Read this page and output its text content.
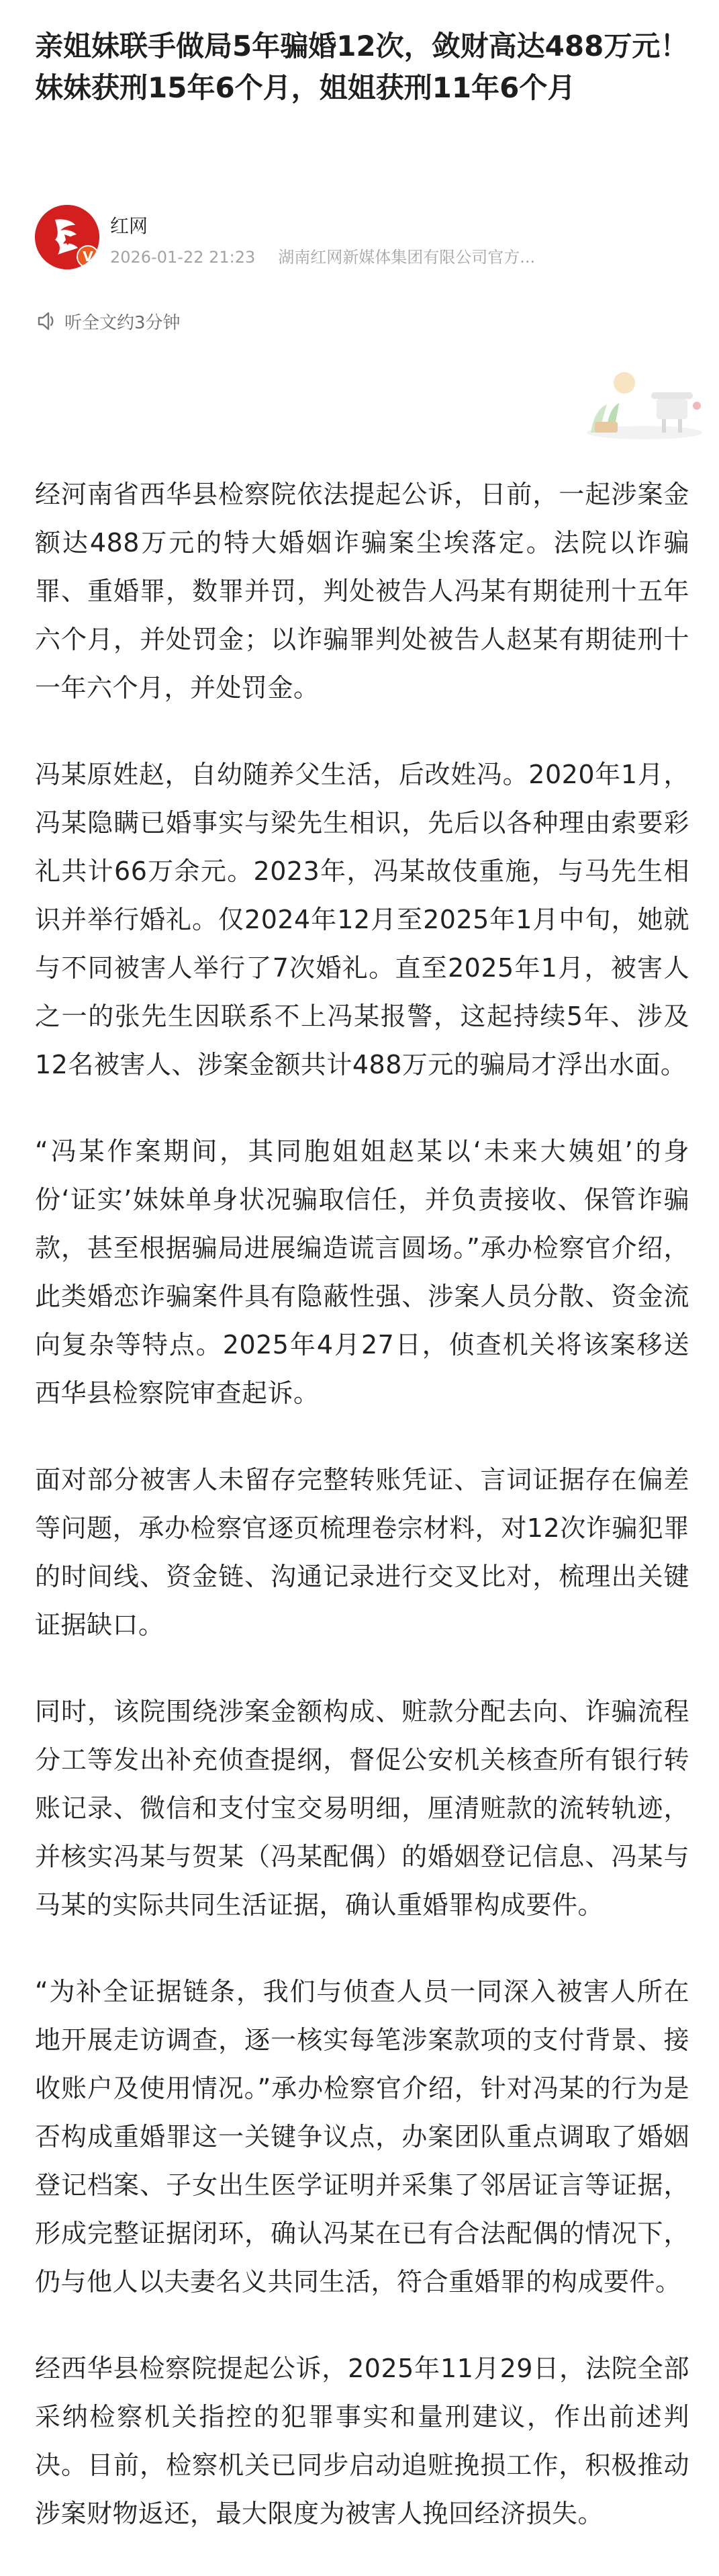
亲姐妹联手做局5年骗婚12次，敛财高达488万元！妹妹获刑15年6个月，姐姐获刑11年6个月
V
红网
2026-01-22 21:23 湖南红网新媒体集团有限公司官方...
听全文约3分钟

经河南省西华县检察院依法提起公诉，日前，一起涉案金额达488万元的特大婚姻诈骗案尘埃落定。法院以诈骗罪、重婚罪，数罪并罚，判处被告人冯某有期徒刑十五年六个月，并处罚金；以诈骗罪判处被告人赵某有期徒刑十一年六个月，并处罚金。

冯某原姓赵，自幼随养父生活，后改姓冯。2020年1月，冯某隐瞒已婚事实与梁先生相识，先后以各种理由索要彩礼共计66万余元。2023年，冯某故伎重施，与马先生相识并举行婚礼。仅2024年12月至2025年1月中旬，她就与不同被害人举行了7次婚礼。直至2025年1月，被害人之一的张先生因联系不上冯某报警，这起持续5年、涉及12名被害人、涉案金额共计488万元的骗局才浮出水面。

“冯某作案期间，其同胞姐姐赵某以‘未来大姨姐’的身份‘证实’妹妹单身状况骗取信任，并负责接收、保管诈骗款，甚至根据骗局进展编造谎言圆场。”承办检察官介绍，此类婚恋诈骗案件具有隐蔽性强、涉案人员分散、资金流向复杂等特点。2025年4月27日，侦查机关将该案移送西华县检察院审查起诉。

面对部分被害人未留存完整转账凭证、言词证据存在偏差等问题，承办检察官逐页梳理卷宗材料，对12次诈骗犯罪的时间线、资金链、沟通记录进行交叉比对，梳理出关键证据缺口。

同时，该院围绕涉案金额构成、赃款分配去向、诈骗流程分工等发出补充侦查提纲，督促公安机关核查所有银行转账记录、微信和支付宝交易明细，厘清赃款的流转轨迹，并核实冯某与贺某（冯某配偶）的婚姻登记信息、冯某与马某的实际共同生活证据，确认重婚罪构成要件。

“为补全证据链条，我们与侦查人员一同深入被害人所在地开展走访调查，逐一核实每笔涉案款项的支付背景、接收账户及使用情况。”承办检察官介绍，针对冯某的行为是否构成重婚罪这一关键争议点，办案团队重点调取了婚姻登记档案、子女出生医学证明并采集了邻居证言等证据，形成完整证据闭环，确认冯某在已有合法配偶的情况下，仍与他人以夫妻名义共同生活，符合重婚罪的构成要件。

经西华县检察院提起公诉，2025年11月29日，法院全部采纳检察机关指控的犯罪事实和量刑建议，作出前述判决。目前，检察机关已同步启动追赃挽损工作，积极推动涉案财物返还，最大限度为被害人挽回经济损失。
